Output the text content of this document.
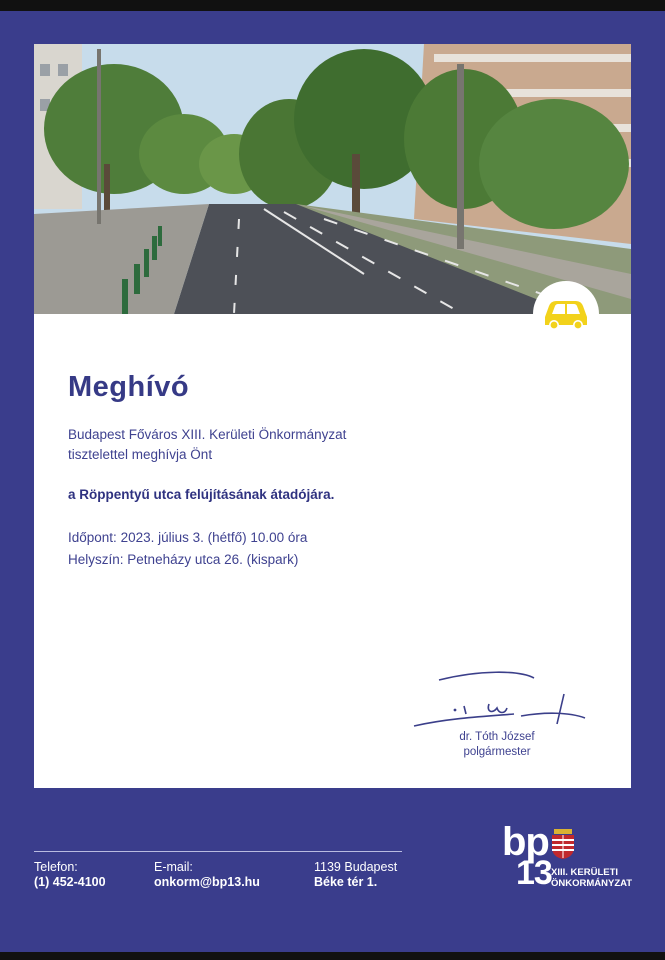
Meghívó
Budapest Főváros XIII. Kerületi Önkormányzat
tisztelettel meghívja Önt
a Röppentyű utca felújításának átadójára.
Időpont: 2023. július 3. (hétfő) 10.00 óra
Helyszín: Petneházy utca 26. (kispark)
dr. Tóth József
polgármester
Telefon:
(1) 452-4100
E-mail:
onkorm@bp13.hu
1139 Budapest
Béke tér 1.
bp
13 XIII. KERÜLETI
ÖNKORMÁNYZAT
